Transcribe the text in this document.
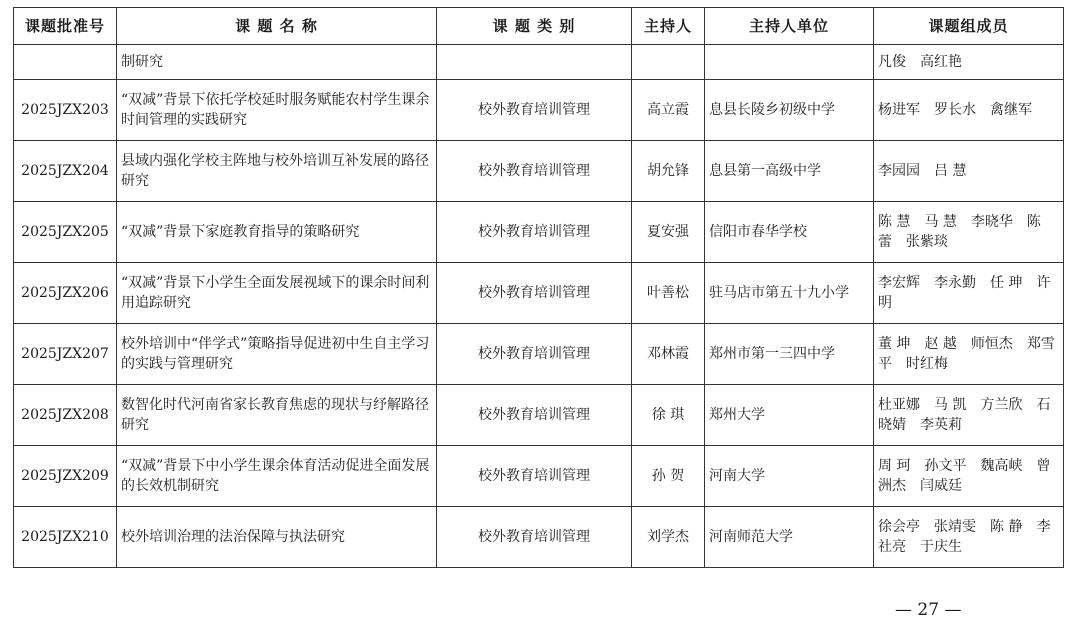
课题批准号	课 题 名 称	课 题 类 别	主持人	主持人单位	课题组成员
	制研究				凡俊　 高红艳
2025JZX203	“双减”背景下依托学校延时服务赋能农村学生课余时间管理的实践研究	校外教育培训管理	高立霞	息县长陵乡初级中学	杨进军　 罗长水　 禽继军
2025JZX204	县域内强化学校主阵地与校外培训互补发展的路径研究	校外教育培训管理	胡允锋	息县第一高级中学	李园园　 吕 慧
2025JZX205	“双减”背景下家庭教育指导的策略研究	校外教育培训管理	夏安强	信阳市春华学校	陈 慧　 马 慧　 李晓华　 陈 蕾　 张紫琰
2025JZX206	“双减”背景下小学生全面发展视域下的课余时间利用追踪研究	校外教育培训管理	叶善松	驻马店市第五十九小学	李宏辉　 李永勤　 任 珅　 许 明
2025JZX207	校外培训中“伴学式”策略指导促进初中生自主学习的实践与管理研究	校外教育培训管理	邓林霞	郑州市第一三四中学	董 坤　 赵 越　 师恒杰　 郑雪平　 时红梅
2025JZX208	数智化时代河南省家长教育焦虑的现状与纾解路径研究	校外教育培训管理	徐 琪	郑州大学	杜亚娜　 马 凯　 方兰欣　 石晓婧　 李英莉
2025JZX209	“双减”背景下中小学生课余体育活动促进全面发展的长效机制研究	校外教育培训管理	孙 贺	河南大学	周 珂　 孙文平　 魏高峡　 曾洲杰　 闫威廷
2025JZX210	校外培训治理的法治保障与执法研究	校外教育培训管理	刘学杰	河南师范大学	徐会亭　 张靖雯　 陈 静　 李社亮　 于庆生
— 27 —
